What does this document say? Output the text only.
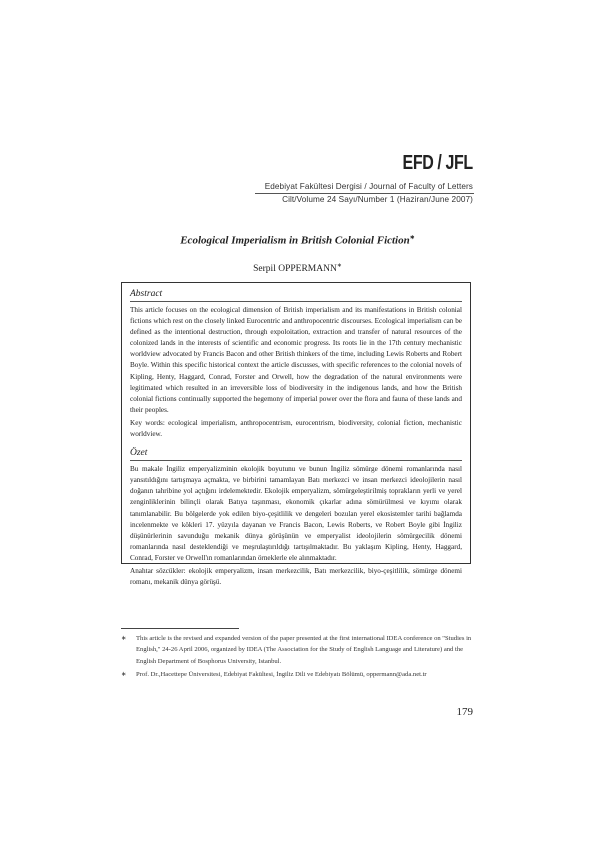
EFD / JFL
Edebiyat Fakültesi Dergisi / Journal of Faculty of Letters
Cilt/Volume 24 Sayı/Number 1 (Haziran/June 2007)
Ecological Imperialism in British Colonial Fiction∗
Serpil OPPERMANN∗

Abstract

This article focuses on the ecological dimension of British imperialism and its manifestations in British colonial fictions which rest on the closely linked Eurocentric and anthropocentric discourses. Ecological imperialism can be defined as the intentional destruction, through expoloitation, extraction and transfer of natural resources of the colonized lands in the interests of scientific and economic progress. Its roots lie in the 17th century mechanistic worldview advocated by Francis Bacon and other British thinkers of the time, including Lewis Roberts and Robert Boyle. Within this specific historical context the article discusses, with specific references to the colonial novels of Kipling, Henty, Haggard, Conrad, Forster and Orwell, how the degradation of the natural environments were legitimated which resulted in an irreversible loss of biodiversity in the indigenous lands, and how the British colonial fictions continually supported the hegemony of imperial power over the flora and fauna of these lands and their peoples.

Key words: ecological imperialism, anthropocentrism, eurocentrism, biodiversity, colonial fiction, mechanistic worldview.

Özet

Bu makale İngiliz emperyalizminin ekolojik boyutunu ve bunun İngiliz sömürge dönemi romanlarında nasıl yansıtıldığını tartışmaya açmakta, ve birbirini tamamlayan Batı merkezci ve insan merkezci ideolojilerin nasıl doğanın tahribine yol açtığını irdelemektedir. Ekolojik emperyalizm, sömürgeleştirilmiş toprakların yerli ve yerel zenginliklerinin bilinçli olarak Batıya taşınması, ekonomik çıkarlar adına sömürülmesi ve kıyımı olarak tanımlanabilir. Bu bölgelerde yok edilen biyo-çeşitlilik ve dengeleri bozulan yerel ekosistemler tarihi bağlamda incelenmekte ve kökleri 17. yüzyıla dayanan ve Francis Bacon, Lewis Roberts, ve Robert Boyle gibi İngiliz düşünürlerinin savunduğu mekanik dünya görüşünün ve emperyalist ideolojilerin sömürgecilik dönemi romanlarında nasıl desteklendiği ve meşrulaştırıldığı tartışılmaktadır. Bu yaklaşım Kipling, Henty, Haggard, Conrad, Forster ve Orwell'ın romanlarından örneklerle ele alınmaktadır.

Anahtar sözcükler: ekolojik emperyalizm, insan merkezcilik, Batı merkezcilik, biyo-çeşitlilik, sömürge dönemi romanı, mekanik dünya görüşü.

∗ This article is the revised and expanded version of the paper presented at the first international IDEA conference on "Studies in English," 24-26 April 2006, organized by IDEA (The Association for the Study of English Language and Literature) and the English Department of Bosphorus University, Istanbul.
∗ Prof. Dr.,Hacettepe Üniversitesi, Edebiyat Fakültesi, İngiliz Dili ve Edebiyatı Bölümü, oppermann@ada.net.tr
179
